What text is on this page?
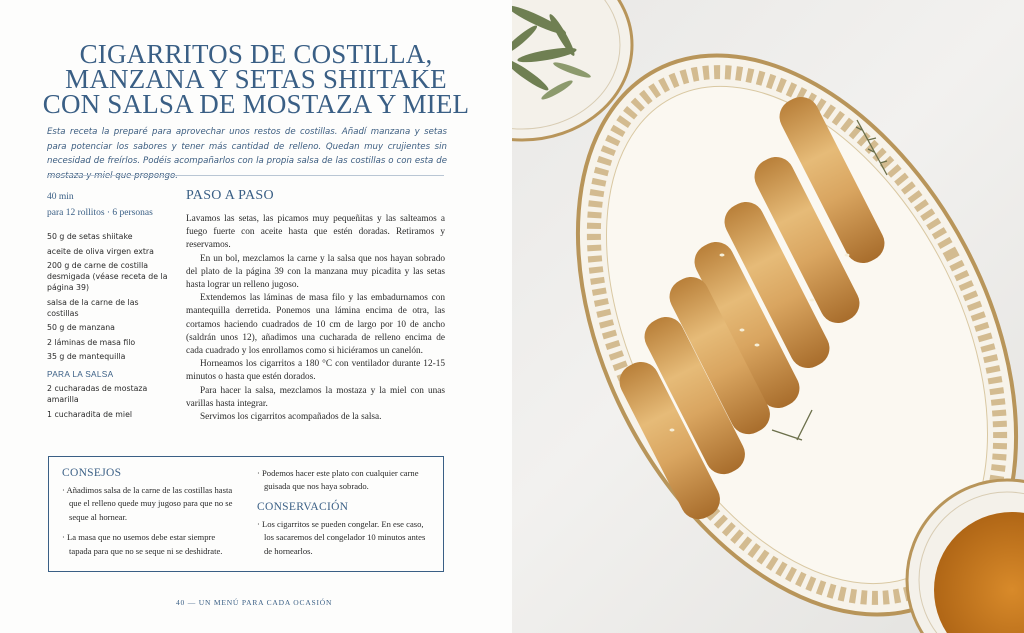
CIGARRITOS DE COSTILLA,
MANZANA Y SETAS SHIITAKE
CON SALSA DE MOSTAZA Y MIEL

Esta receta la preparé para aprovechar unos restos de costillas. Añadí manzana y setas para potenciar los sabores y tener más cantidad de relleno. Quedan muy crujientes sin necesidad de freírlos. Podéis acompañarlos con la propia salsa de las costillas o con esta de

40 min
para 12 rollitos · 6 personas
50 g de setas shiitake
aceite de oliva virgen extra
200 g de carne de costilla desmigada (véase receta de la página 39)
salsa de la carne de las costillas
50 g de manzana
2 láminas de masa filo
35 g de mantequilla
PARA LA SALSA
2 cucharadas de mostaza amarilla
1 cucharadita de miel
PASO A PASO

Lavamos las setas, las picamos muy pequeñitas y las salteamos a fuego fuerte con aceite hasta que estén doradas. Retiramos y reservamos.

En un bol, mezclamos la carne y la salsa que nos hayan sobrado del plato de la página 39 con la manzana muy picadita y las setas hasta lograr un relleno jugoso.

Extendemos las láminas de masa filo y las embadurnamos con mantequilla derretida. Ponemos una lámina encima de otra, las cortamos haciendo cuadrados de 10 cm de largo por 10 de ancho (saldrán unos 12), añadimos una cucharada de relleno encima de cada cuadrado y los enrollamos como si hiciéramos un canelón.

Horneamos los cigarritos a 180 °C con ventilador durante 12-15 minutos o hasta que estén dorados.

Para hacer la salsa, mezclamos la mostaza y la miel con unas varillas hasta integrar.

Servimos los cigarritos acompañados de la salsa.

CONSEJOS

· Añadimos salsa de la carne de las costillas hasta que el relleno quede muy jugoso para que no se seque al hornear.

· La masa que no usemos debe estar siempre tapada para que no se seque ni se deshidrate.

· Podemos hacer este plato con cualquier carne guisada que nos haya sobrado.

CONSERVACIÓN

· Los cigarritos se pueden congelar. En ese caso, los sacaremos del congelador 10 minutos antes de hornearlos.

40 — UN MENÚ PARA CADA OCASIÓN
